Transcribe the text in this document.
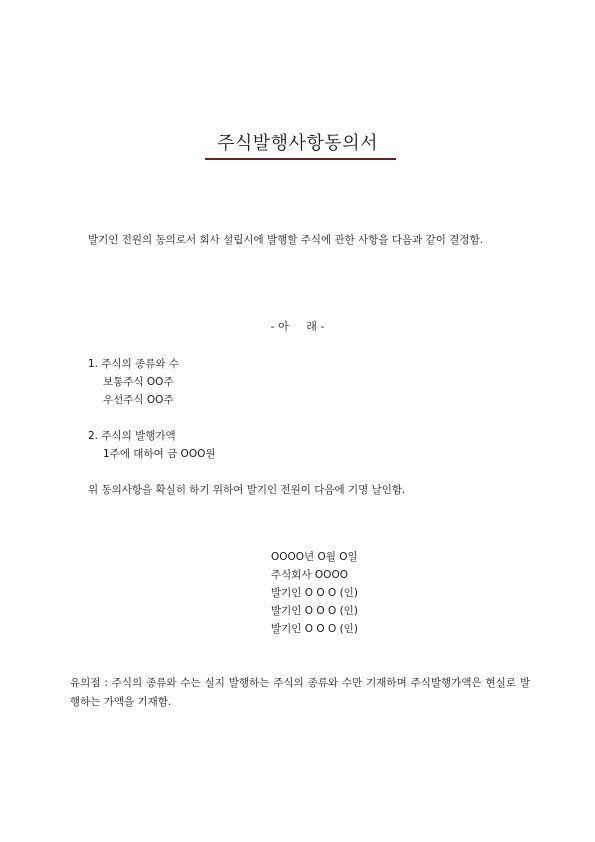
주식발행사항동의서
발기인 전원의 동의로서 회사 설립시에 발행할 주식에 관한 사항을 다음과 같이 결정함.
- 아     래 -
1. 주식의 종류와 수
보통주식 OO주
우선주식 OO주
2. 주식의 발행가액
1주에 대하여 금 OOO원
위 동의사항을 확실히 하기 위하여 발기인 전원이 다음에 기명 날인함.
OOOO년 O월 O일
주식회사 OOOO
발기인 O O O (인)
발기인 O O O (인)
발기인 O O O (인)
유의점 : 주식의 종류와 수는 실지 발행하는 주식의 종류와 수만 기재하며 주식발행가액은 현실로 발행하는 가액을 기재함.
